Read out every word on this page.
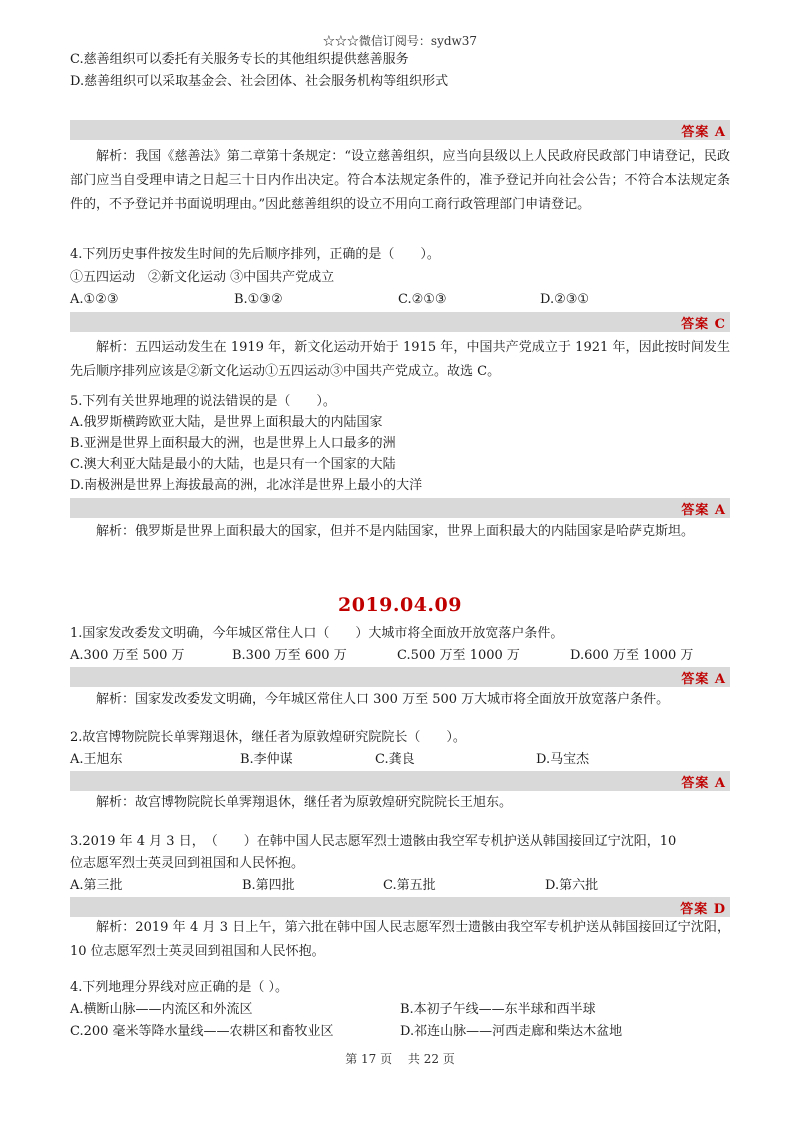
☆☆☆微信订阅号：sydw37
C.慈善组织可以委托有关服务专长的其他组织提供慈善服务
D.慈善组织可以采取基金会、社会团体、社会服务机构等组织形式
答案 A
解析：我国《慈善法》第二章第十条规定：“设立慈善组织，应当向县级以上人民政府民政部门申请登记，民政部门应当自受理申请之日起三十日内作出决定。符合本法规定条件的，准予登记并向社会公告；不符合本法规定条件的，不予登记并书面说明理由。”因此慈善组织的设立不用向工商行政管理部门申请登记。
4.下列历史事件按发生时间的先后顺序排列，正确的是（　　）。
①五四运动　②新文化运动 ③中国共产党成立
A.①②③	B.①③②	C.②①③	D.②③①
答案 C
解析：五四运动发生在 1919 年，新文化运动开始于 1915 年，中国共产党成立于 1921 年，因此按时间发生先后顺序排列应该是②新文化运动①五四运动③中国共产党成立。故选 C。
5.下列有关世界地理的说法错误的是（　　）。
A.俄罗斯横跨欧亚大陆，是世界上面积最大的内陆国家
B.亚洲是世界上面积最大的洲，也是世界上人口最多的洲
C.澳大利亚大陆是最小的大陆，也是只有一个国家的大陆
D.南极洲是世界上海拔最高的洲，北冰洋是世界上最小的大洋
答案 A
解析：俄罗斯是世界上面积最大的国家，但并不是内陆国家，世界上面积最大的内陆国家是哈萨克斯坦。
2019.04.09
1.国家发改委发文明确，今年城区常住人口（　　）大城市将全面放开放宽落户条件。
A.300 万至 500 万	B.300 万至 600 万	C.500 万至 1000 万	D.600 万至 1000 万
答案 A
解析：国家发改委发文明确，今年城区常住人口 300 万至 500 万大城市将全面放开放宽落户条件。
2.故宫博物院院长单霁翔退休，继任者为原敦煌研究院院长（　　）。
A.王旭东	B.李仲谋	C.龚良	D.马宝杰
答案 A
解析：故宫博物院院长单霁翔退休，继任者为原敦煌研究院院长王旭东。
3.2019 年 4 月 3 日，　（　　）在韩中国人民志愿军烈士遗骸由我空军专机护送从韩国接回辽宁沈阳，10
位志愿军烈士英灵回到祖国和人民怀抱。
A.第三批	B.第四批	C.第五批	D.第六批
答案 D
解析：2019 年 4 月 3 日上午，第六批在韩中国人民志愿军烈士遗骸由我空军专机护送从韩国接回辽宁沈阳，10 位志愿军烈士英灵回到祖国和人民怀抱。
4.下列地理分界线对应正确的是（ ）。
A.横断山脉——内流区和外流区	B.本初子午线——东半球和西半球
C.200 毫米等降水量线——农耕区和畜牧业区	D.祁连山脉——河西走廊和柴达木盆地
第 17 页　 共 22 页
